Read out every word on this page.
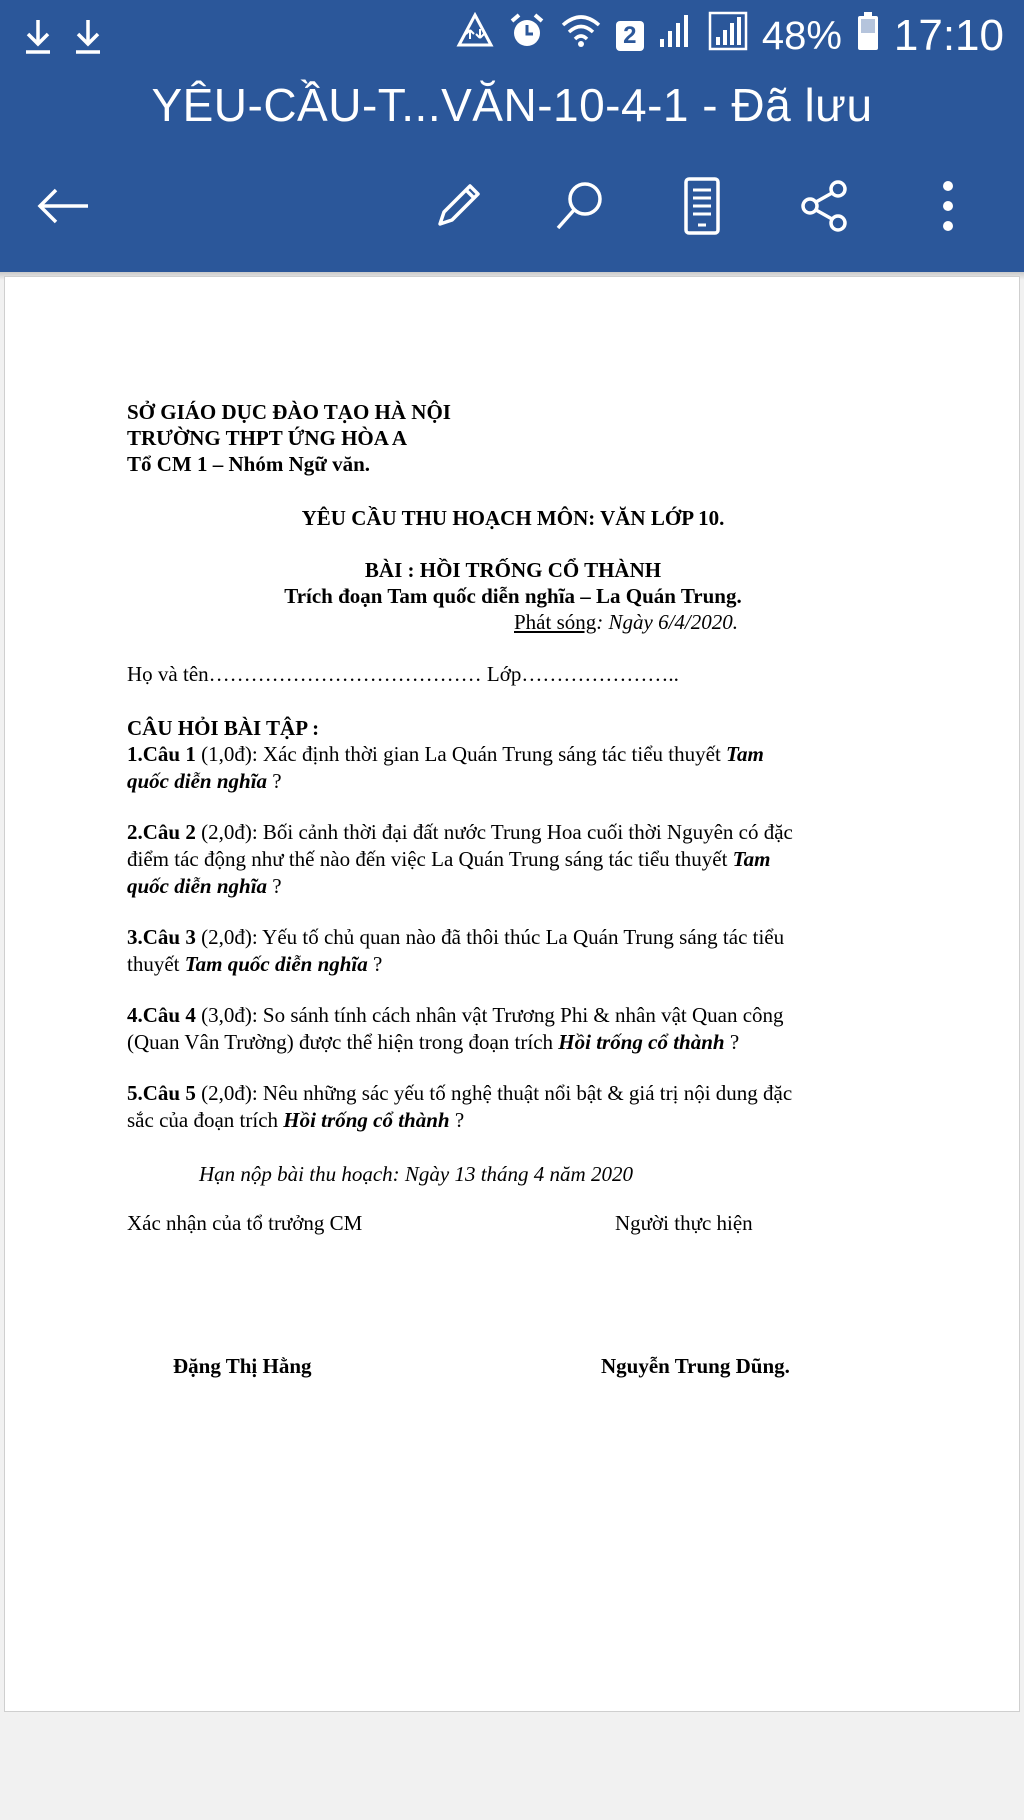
2	48% 17:10
YÊU-CẦU-T...VĂN-10-4-1 - Đã lưu
SỞ GIÁO DỤC ĐÀO TẠO HÀ NỘI
TRƯỜNG THPT ỨNG HÒA A
Tổ CM 1 – Nhóm Ngữ văn.
YÊU CẦU THU HOẠCH MÔN: VĂN LỚP 10.
BÀI : HỒI TRỐNG CỔ THÀNH
Trích đoạn Tam quốc diễn nghĩa – La Quán Trung.
Phát sóng: Ngày 6/4/2020.
Họ và tên………………………………… Lớp…………………..
CÂU HỎI BÀI TẬP :
1.Câu 1 (1,0đ): Xác định thời gian La Quán Trung sáng tác tiểu thuyết Tam
quốc diễn nghĩa ?
2.Câu 2 (2,0đ): Bối cảnh thời đại đất nước Trung Hoa cuối thời Nguyên có đặc
điểm tác động như thế nào đến việc La Quán Trung sáng tác tiểu thuyết Tam
quốc diễn nghĩa ?
3.Câu 3 (2,0đ): Yếu tố chủ quan nào đã thôi thúc La Quán Trung sáng tác tiểu
thuyết Tam quốc diễn nghĩa ?
4.Câu 4 (3,0đ): So sánh tính cách nhân vật Trương Phi & nhân vật Quan công
(Quan Vân Trường) được thể hiện trong đoạn trích Hồi trống cổ thành ?
5.Câu 5 (2,0đ): Nêu những sác yếu tố nghệ thuật nổi bật & giá trị nội dung đặc
sắc của đoạn trích Hồi trống cổ thành ?
Hạn nộp bài thu hoạch: Ngày 13 tháng 4 năm 2020
Xác nhận của tổ trưởng CM	Người thực hiện
Đặng Thị Hằng	Nguyễn Trung Dũng.
